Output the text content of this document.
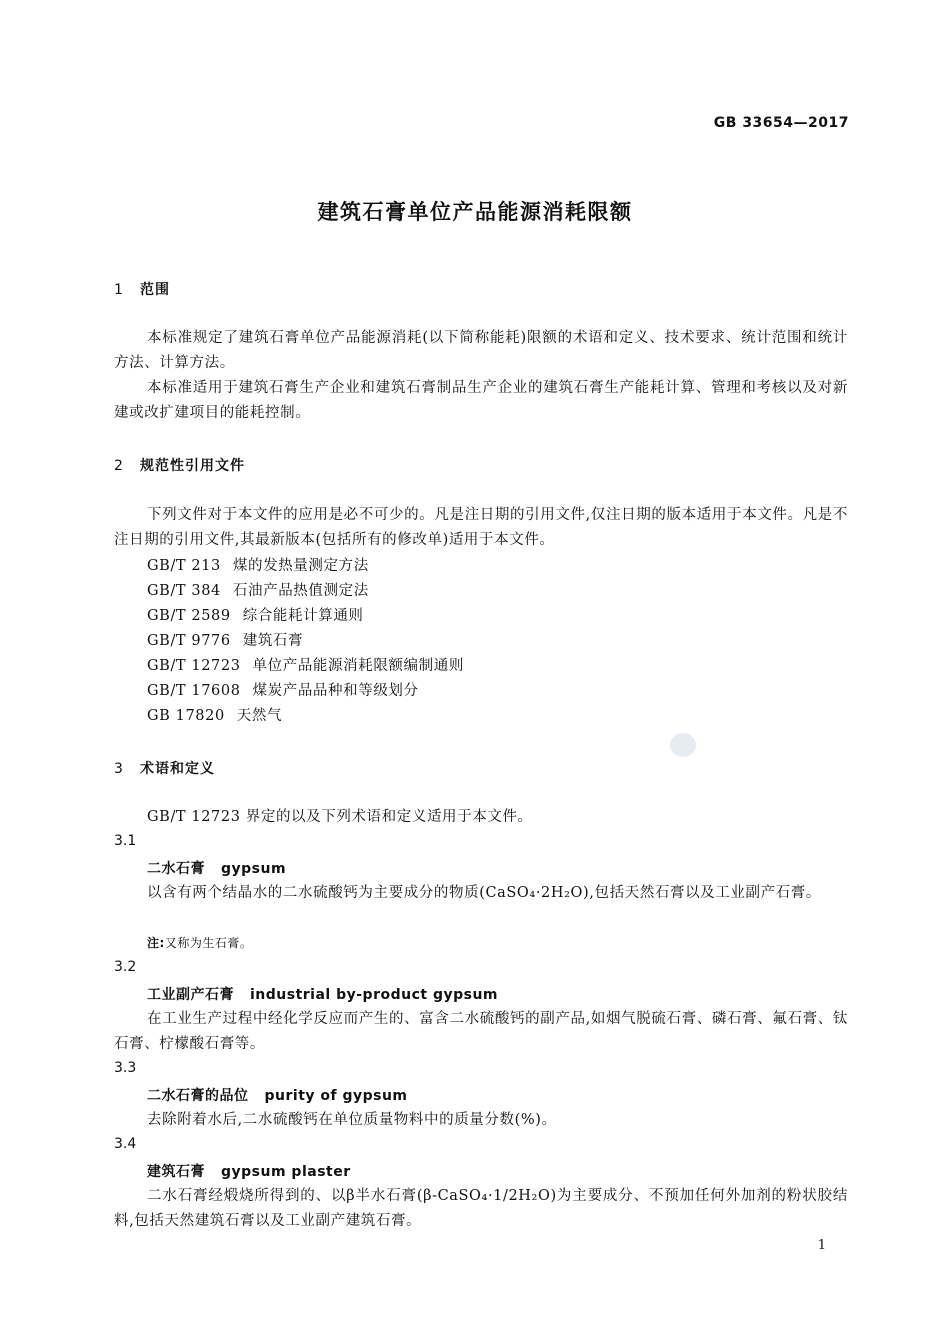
GB 33654—2017
建筑石膏单位产品能源消耗限额
1 范围
本标准规定了建筑石膏单位产品能源消耗(以下简称能耗)限额的术语和定义、技术要求、统计范围和统计方法、计算方法。
本标准适用于建筑石膏生产企业和建筑石膏制品生产企业的建筑石膏生产能耗计算、管理和考核以及对新建或改扩建项目的能耗控制。
2 规范性引用文件
下列文件对于本文件的应用是必不可少的。凡是注日期的引用文件,仅注日期的版本适用于本文件。凡是不注日期的引用文件,其最新版本(包括所有的修改单)适用于本文件。
GB/T 213 煤的发热量测定方法
GB/T 384 石油产品热值测定法
GB/T 2589 综合能耗计算通则
GB/T 9776 建筑石膏
GB/T 12723 单位产品能源消耗限额编制通则
GB/T 17608 煤炭产品品种和等级划分
GB 17820 天然气
3 术语和定义
GB/T 12723 界定的以及下列术语和定义适用于本文件。
3.1
二水石膏 gypsum
以含有两个结晶水的二水硫酸钙为主要成分的物质(CaSO₄·2H₂O),包括天然石膏以及工业副产石膏。
注:又称为生石膏。
3.2
工业副产石膏 industrial by-product gypsum
在工业生产过程中经化学反应而产生的、富含二水硫酸钙的副产品,如烟气脱硫石膏、磷石膏、氟石膏、钛石膏、柠檬酸石膏等。
3.3
二水石膏的品位 purity of gypsum
去除附着水后,二水硫酸钙在单位质量物料中的质量分数(%)。
3.4
建筑石膏 gypsum plaster
二水石膏经煅烧所得到的、以β半水石膏(β-CaSO₄·1/2H₂O)为主要成分、不预加任何外加剂的粉状胶结料,包括天然建筑石膏以及工业副产建筑石膏。
1
